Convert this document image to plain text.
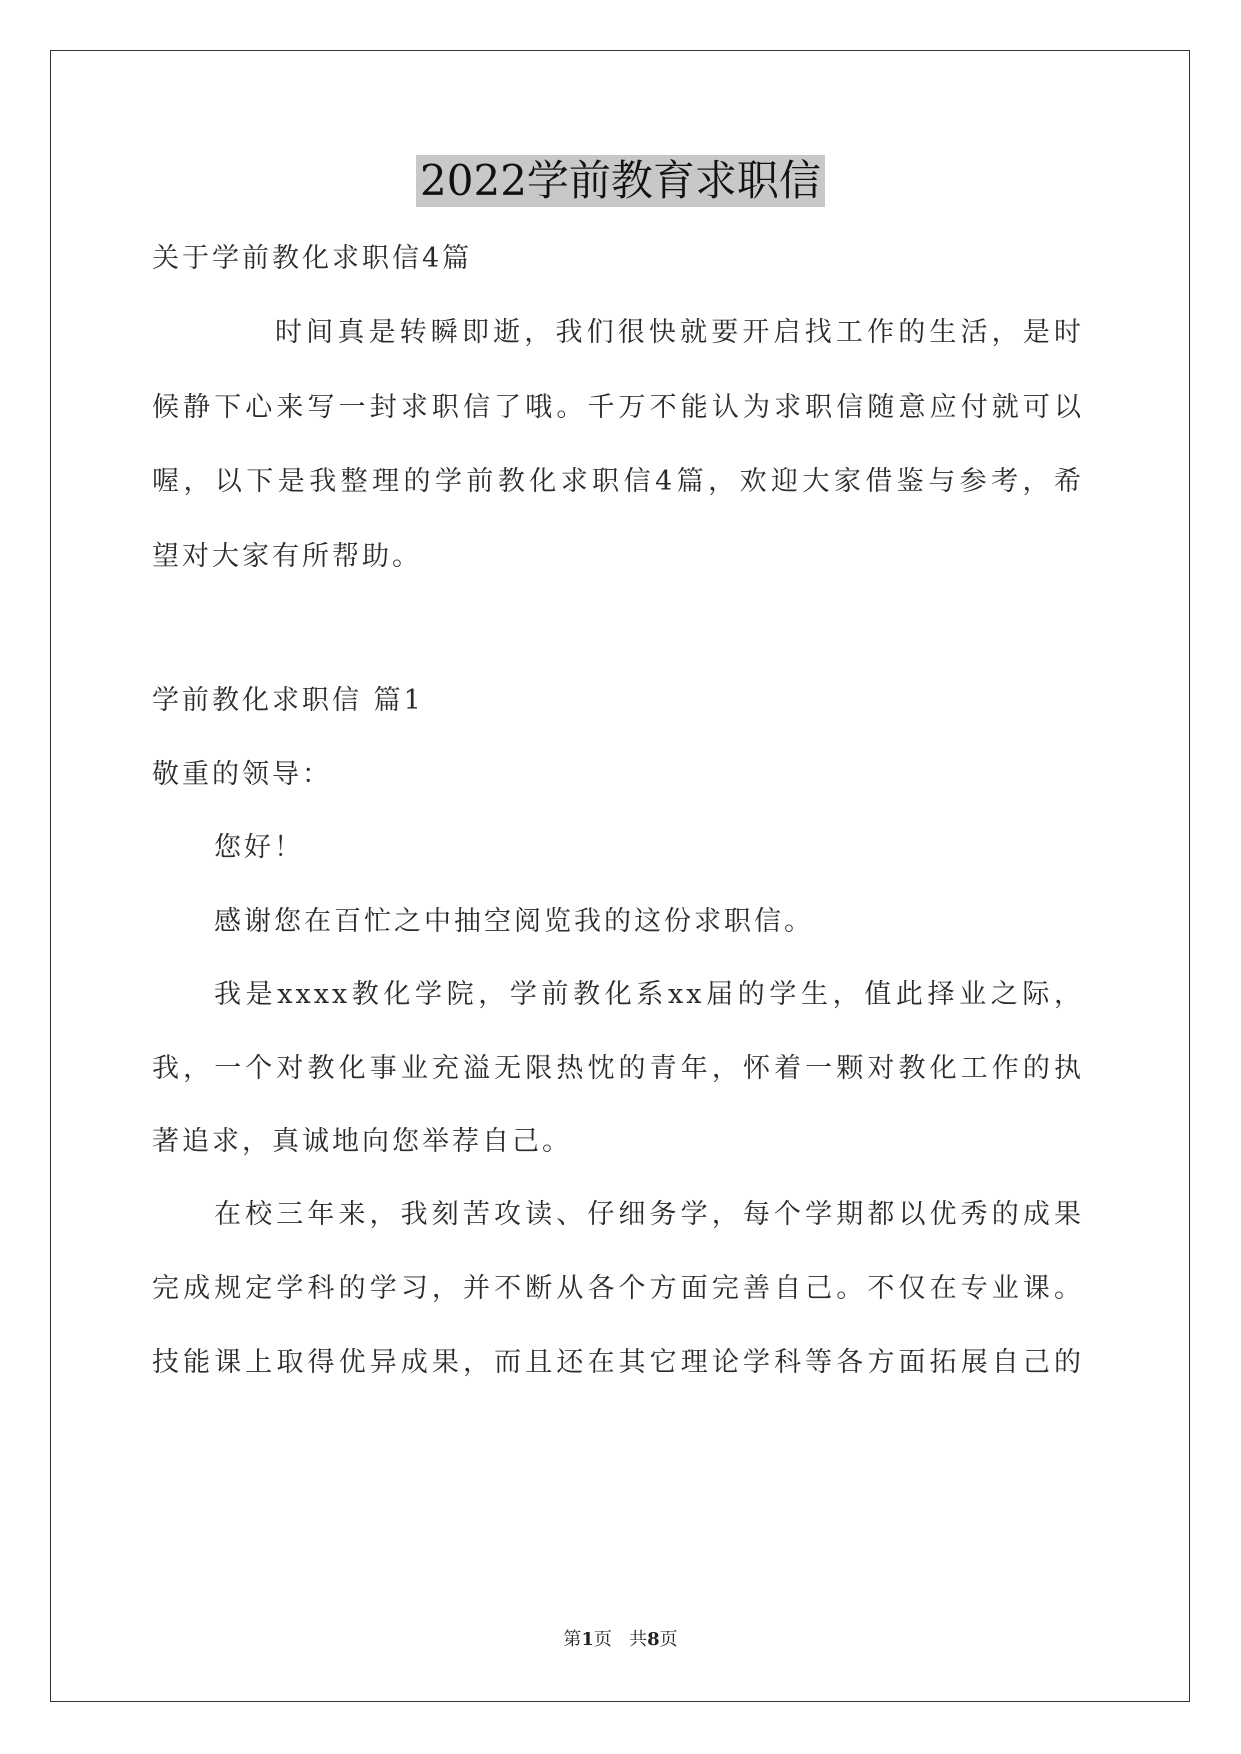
2022学前教育求职信
关于学前教化求职信4篇
时间真是转瞬即逝，我们很快就要开启找工作的生活，是时
候静下心来写一封求职信了哦。千万不能认为求职信随意应付就可以
喔，以下是我整理的学前教化求职信4篇，欢迎大家借鉴与参考，希
望对大家有所帮助。
学前教化求职信 篇1
敬重的领导：
您好！
感谢您在百忙之中抽空阅览我的这份求职信。
我是xxxx教化学院，学前教化系xx届的学生，值此择业之际，
我，一个对教化事业充溢无限热忱的青年，怀着一颗对教化工作的执
著追求，真诚地向您举荐自己。
在校三年来，我刻苦攻读、仔细务学，每个学期都以优秀的成果
完成规定学科的学习，并不断从各个方面完善自己。不仅在专业课。
技能课上取得优异成果，而且还在其它理论学科等各方面拓展自己的
第1页 共8页
